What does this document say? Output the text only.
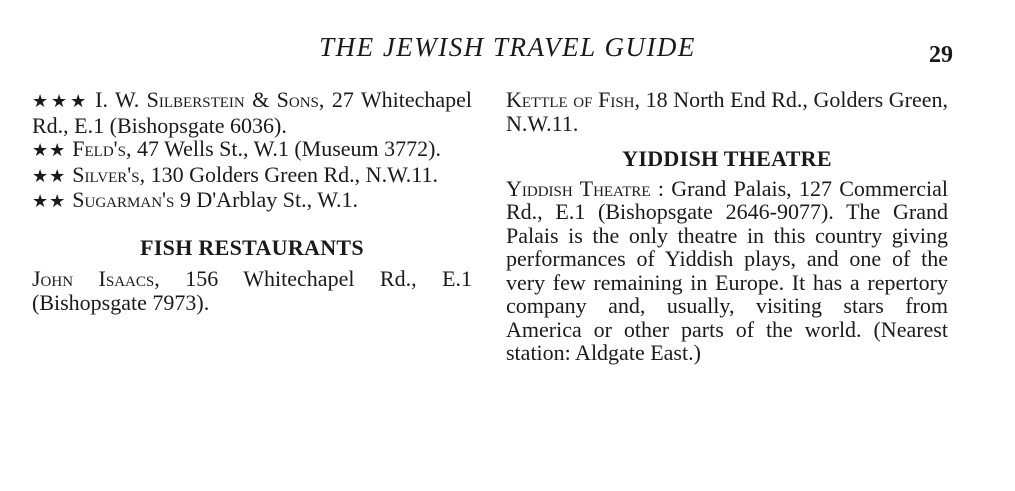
THE JEWISH TRAVEL GUIDE	29

★★★ I. W. Silberstein & Sons, 27 Whitechapel Rd., E.1 (Bishopsgate 6036).

★★ Feld's, 47 Wells St., W.1 (Museum 3772).

★★ Silver's, 130 Golders Green Rd., N.W.11.

★★ Sugarman's 9 D'Arblay St., W.1.

FISH RESTAURANTS

John Isaacs, 156 Whitechapel Rd., E.1 (Bishopsgate 7973).

Kettle of Fish, 18 North End Rd., Golders Green, N.W.11.

YIDDISH THEATRE

Yiddish Theatre : Grand Palais, 127 Commercial Rd., E.1 (Bishopsgate 2646-9077). The Grand Palais is the only theatre in this country giving performances of Yiddish plays, and one of the very few remaining in Europe. It has a repertory company and, usually, visiting stars from America or other parts of the world. (Nearest station: Aldgate East.)
